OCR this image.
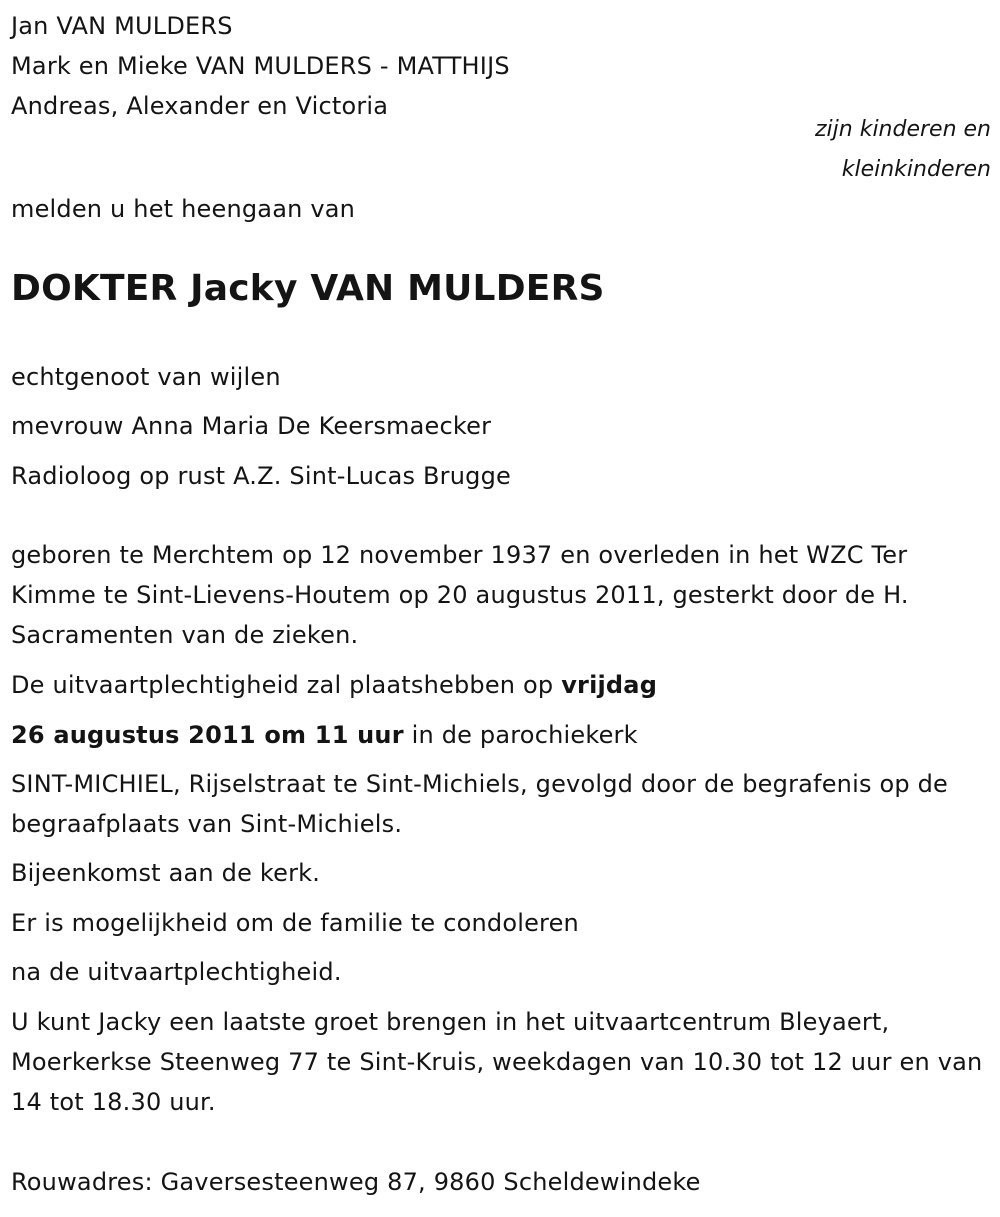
Jan VAN MULDERS
Mark en Mieke VAN MULDERS - MATTHIJS
Andreas, Alexander en Victoria
zijn kinderen en kleinkinderen
melden u het heengaan van
DOKTER Jacky VAN MULDERS
echtgenoot van wijlen
mevrouw Anna Maria De Keersmaecker
Radioloog op rust A.Z. Sint-Lucas Brugge
geboren te Merchtem op 12 november 1937 en overleden in het WZC Ter Kimme te Sint-Lievens-Houtem op 20 augustus 2011, gesterkt door de H. Sacramenten van de zieken.
De uitvaartplechtigheid zal plaatshebben op vrijdag
26 augustus 2011 om 11 uur in de parochiekerk
SINT-MICHIEL, Rijselstraat te Sint-Michiels, gevolgd door de begrafenis op de begraafplaats van Sint-Michiels.
Bijeenkomst aan de kerk.
Er is mogelijkheid om de familie te condoleren
na de uitvaartplechtigheid.
U kunt Jacky een laatste groet brengen in het uitvaartcentrum Bleyaert, Moerkerkse Steenweg 77 te Sint-Kruis, weekdagen van 10.30 tot 12 uur en van 14 tot 18.30 uur.
Rouwadres: Gaversesteenweg 87, 9860 Scheldewindeke
